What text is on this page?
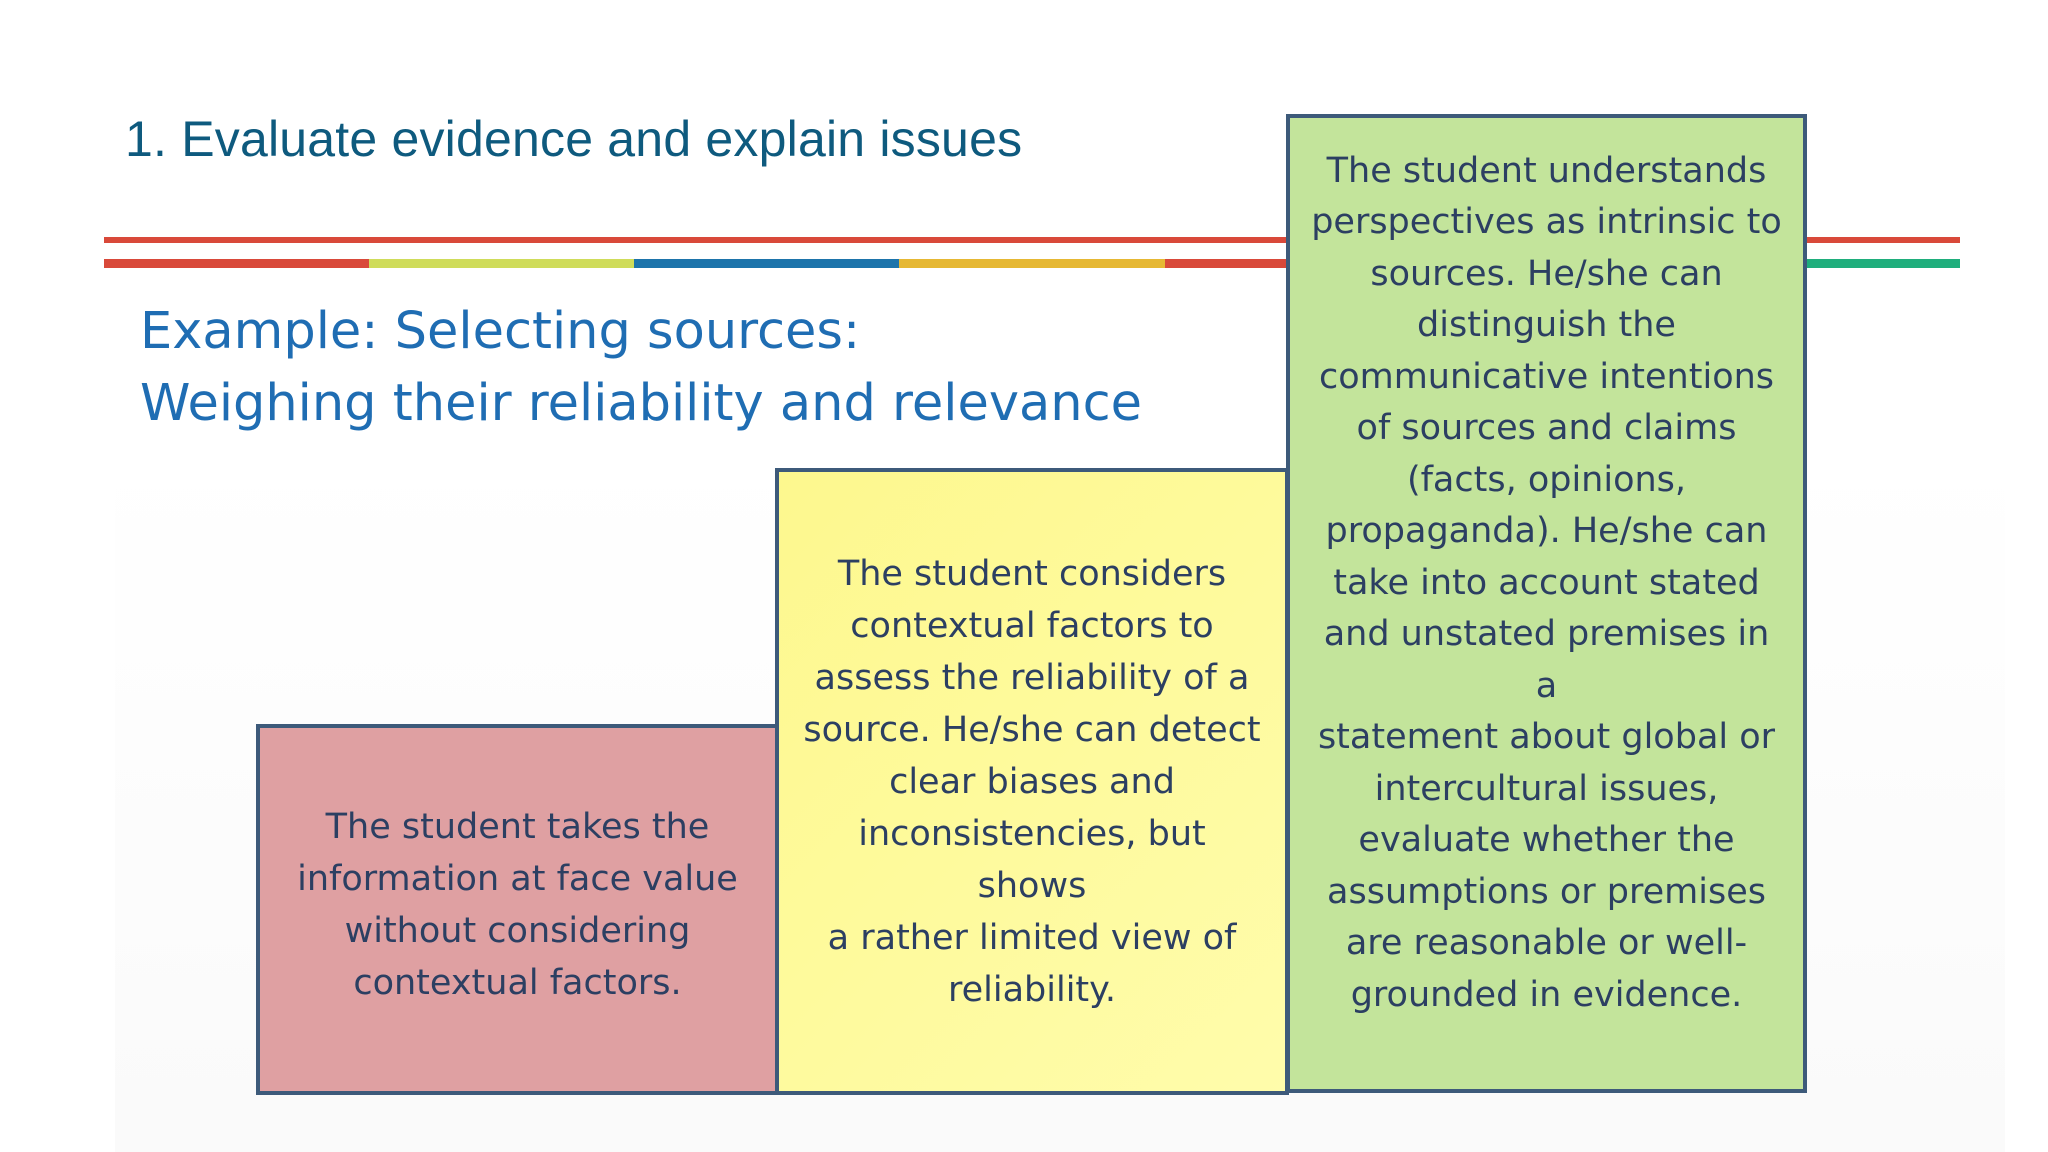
1. Evaluate evidence and explain issues
Example: Selecting sources:
Weighing their reliability and relevance
The student takes the
information at face value
without considering
contextual factors.
The student considers
contextual factors to
assess the reliability of a
source. He/she can detect
clear biases and
inconsistencies, but shows
a rather limited view of
reliability.
The student understands
perspectives as intrinsic to
sources. He/she can
distinguish the
communicative intentions
of sources and claims
(facts, opinions,
propaganda). He/she can
take into account stated
and unstated premises in a
statement about global or
intercultural issues,
evaluate whether the
assumptions or premises
are reasonable or well-
grounded in evidence.
